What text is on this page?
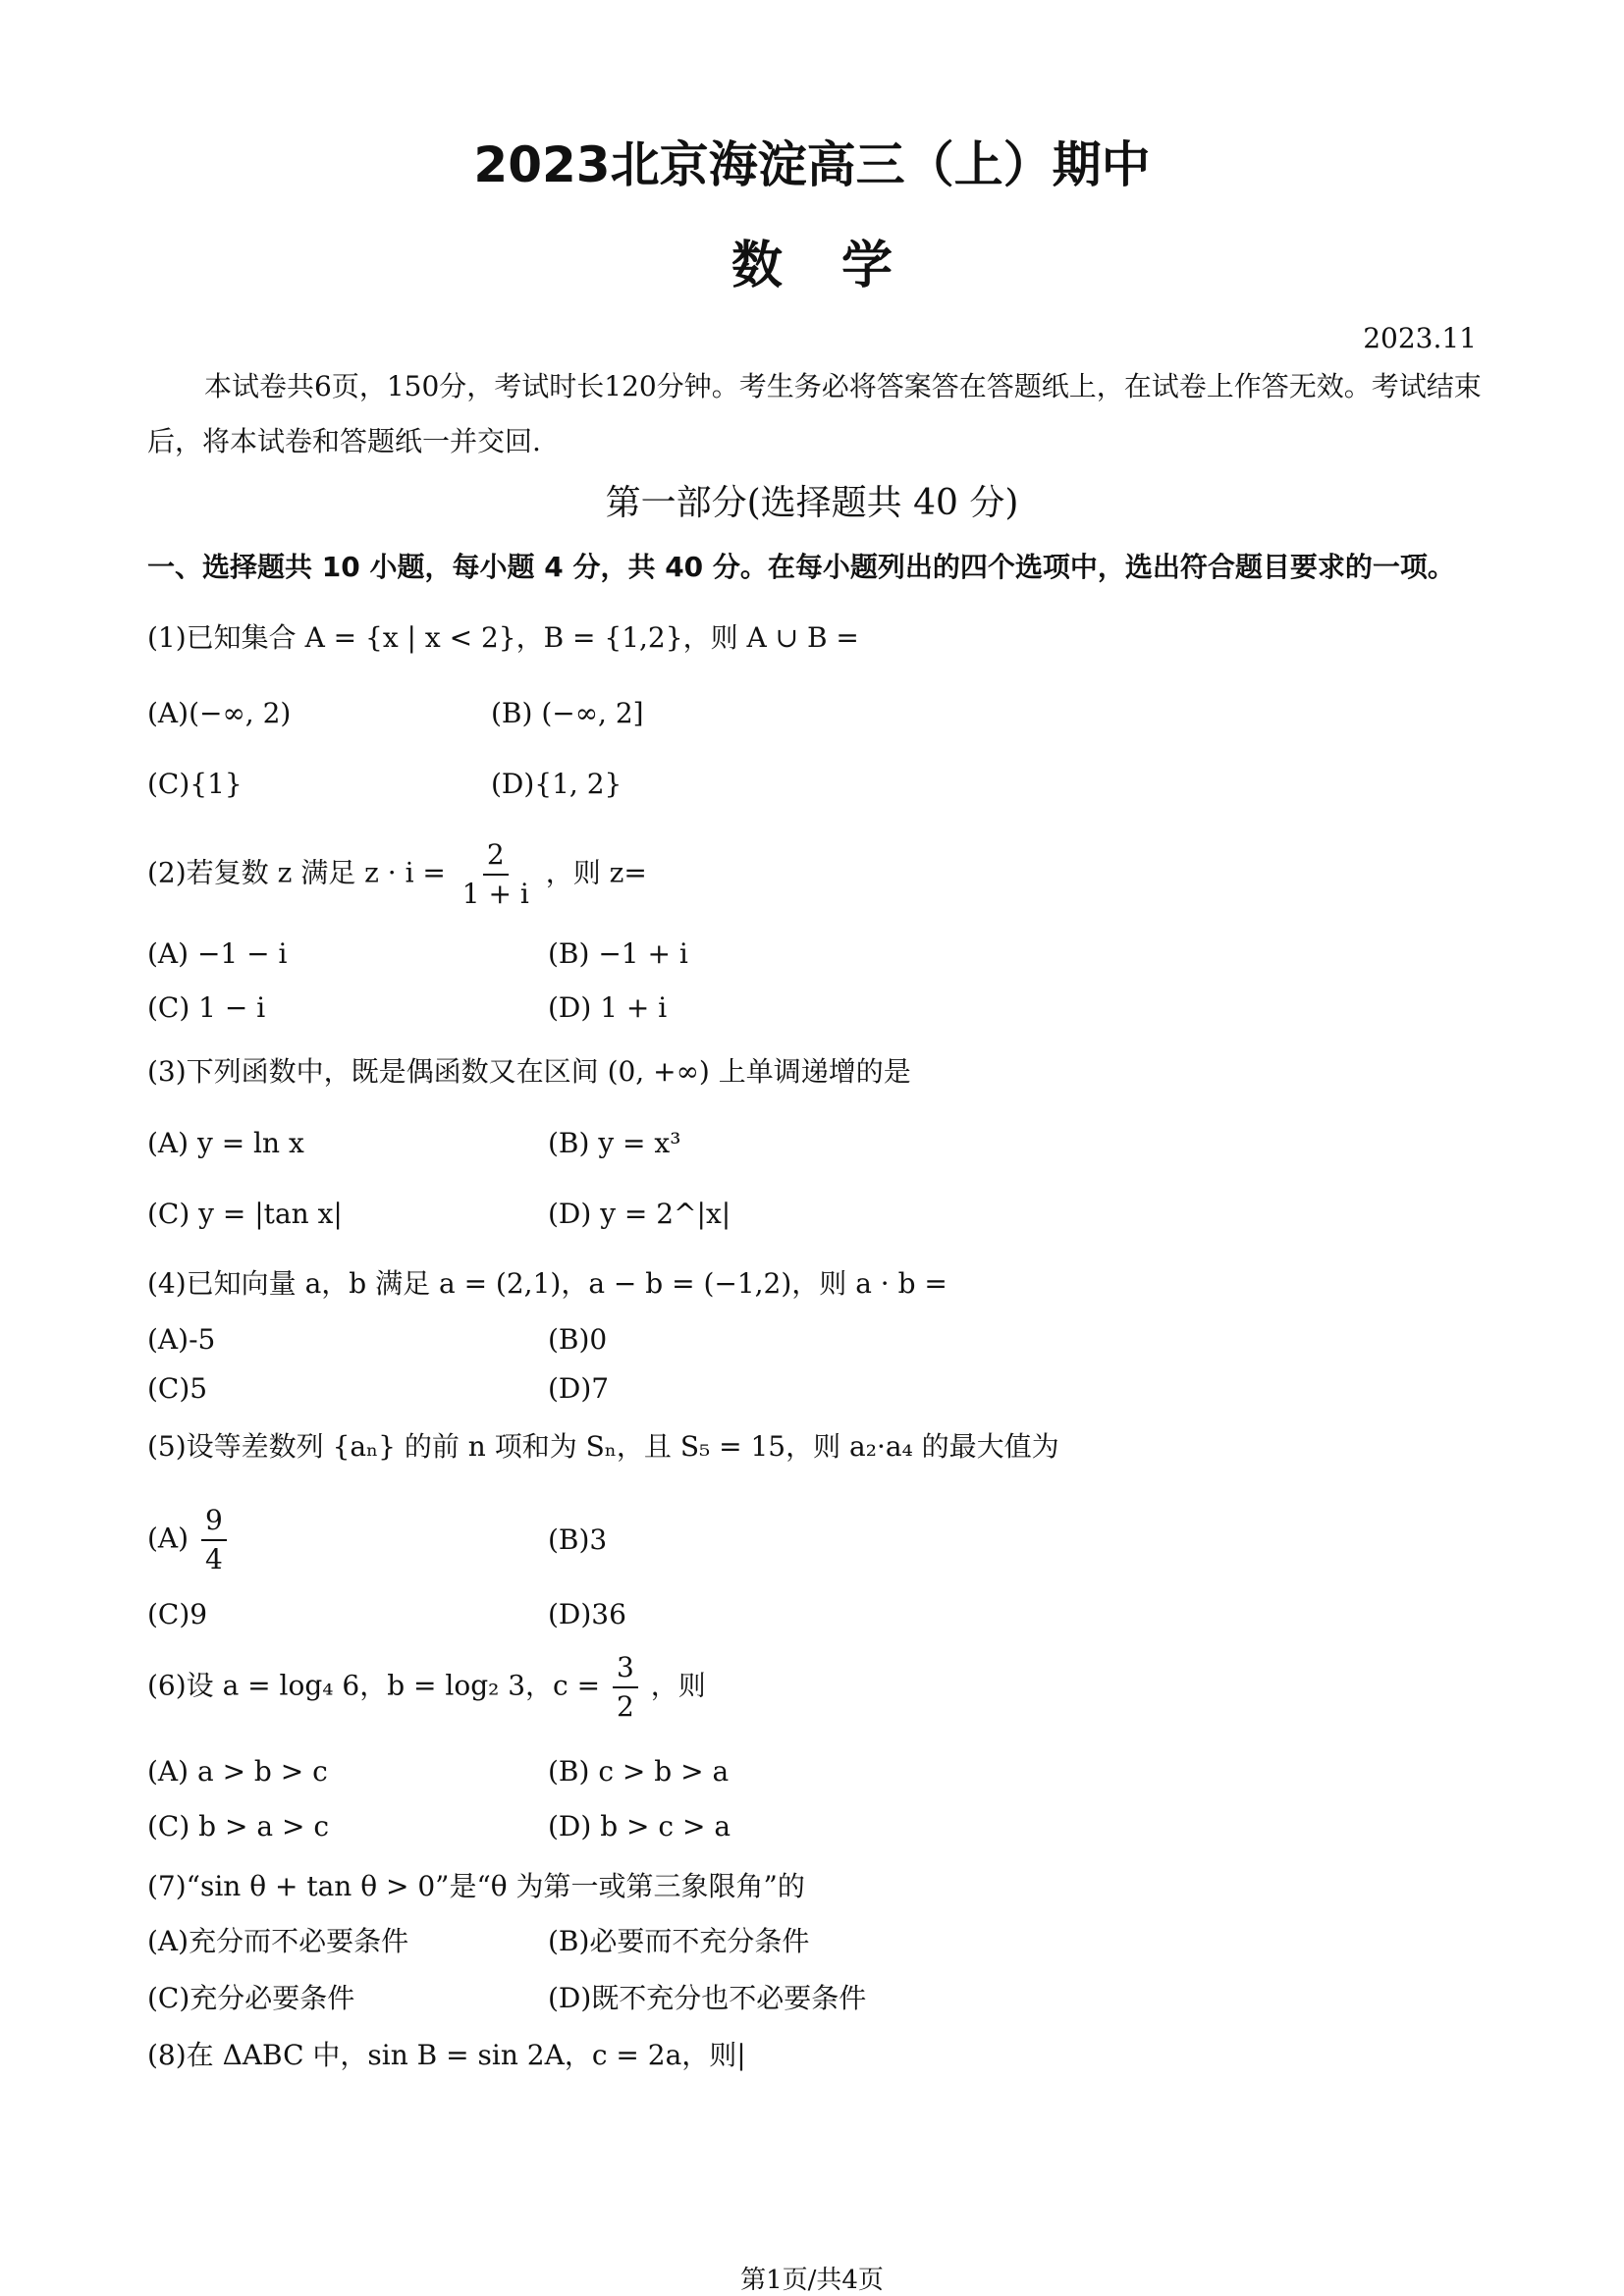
2023北京海淀高三（上）期中
数学
2023.11
本试卷共6页，150分，考试时长120分钟。考生务必将答案答在答题纸上，在试卷上作答无效。考试结束后，将本试卷和答题纸一并交回.
第一部分(选择题共 40 分)
一、选择题共 10 小题，每小题 4 分，共 40 分。在每小题列出的四个选项中，选出符合题目要求的一项。
(1)已知集合 A = {x | x < 2}，B = {1,2}，则 A ∪ B =
(A)(−∞, 2)	(B) (−∞, 2]
(C){1}	(D){1, 2}
(2)若复数 z 满足 $z \cdot i = \frac{2}{1 + i}$ ，则 z=
(A) −1 − i	(B) −1 + i
(C) 1 − i	(D) 1 + i
(3)下列函数中，既是偶函数又在区间 (0, +∞) 上单调递增的是
(A) y = ln x	(B) y = x³
(C) y = |tan x|	(D) y = 2^|x|
(4)已知向量 a，b 满足 a = (2,1)，a − b = (−1,2)，则 a · b =
(A)-5	(B)0
(C)5	(D)7
(5)设等差数列 {aₙ} 的前 n 项和为 Sₙ，且 S₅ = 15，则 a₂·a₄ 的最大值为
$(A) \frac{9}{4}$	(B)3
(C)9	(D)36
(6)设 a = log₄ 6，b = log₂ 3，$c = \frac{3}{2}$ ，则
(A) a > b > c	(B) c > b > a
(C) b > a > c	(D) b > c > a
(7)“sin θ + tan θ > 0”是“θ 为第一或第三象限角”的
(A)充分而不必要条件	(B)必要而不充分条件
(C)充分必要条件	(D)既不充分也不必要条件
(8)在 ΔABC 中，sin B = sin 2A，c = 2a，则|
第1页/共4页
